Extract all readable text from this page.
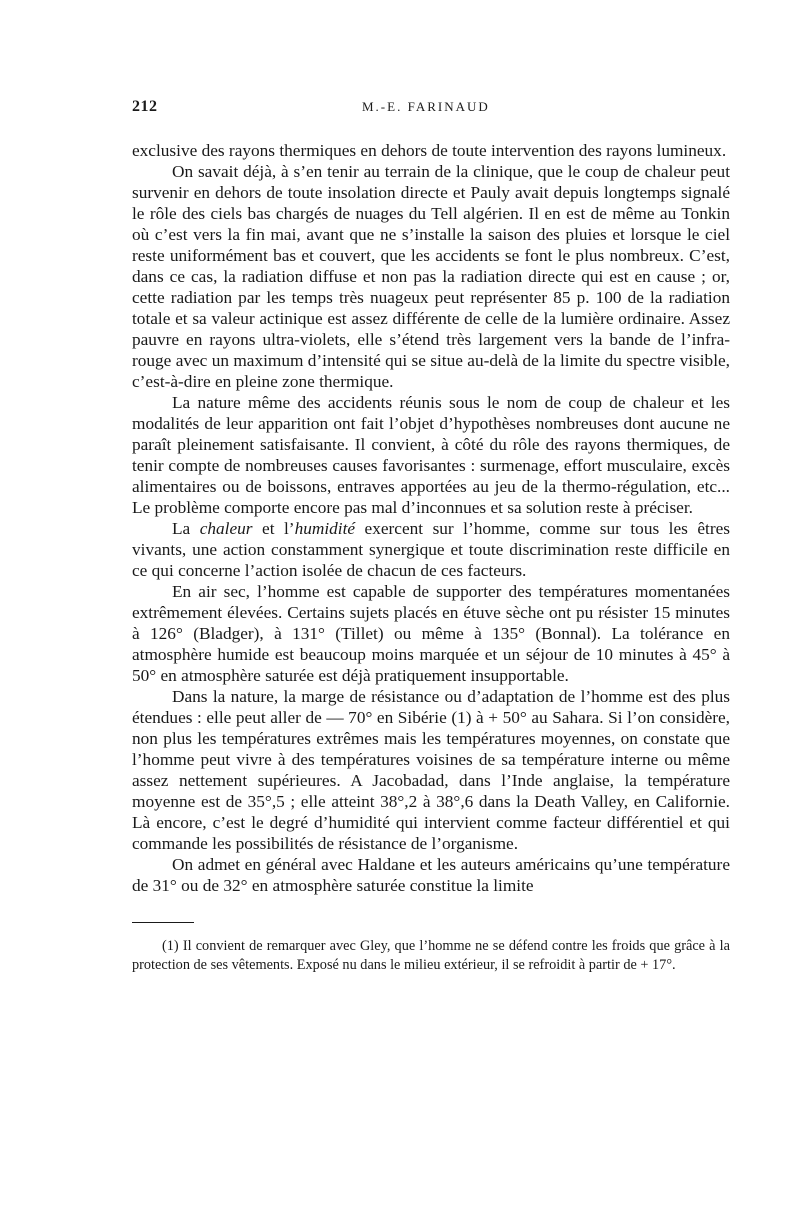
212	M.-E. FARINAUD

exclusive des rayons thermiques en dehors de toute intervention des rayons lumineux.

On savait déjà, à s’en tenir au terrain de la clinique, que le coup de chaleur peut survenir en dehors de toute insolation directe et Pauly avait depuis longtemps signalé le rôle des ciels bas chargés de nuages du Tell algérien. Il en est de même au Tonkin où c’est vers la fin mai, avant que ne s’installe la saison des pluies et lorsque le ciel reste uniformément bas et couvert, que les accidents se font le plus nombreux. C’est, dans ce cas, la radiation diffuse et non pas la radiation directe qui est en cause ; or, cette radiation par les temps très nuageux peut représenter 85 p. 100 de la radiation totale et sa valeur actinique est assez différente de celle de la lumière ordinaire. Assez pauvre en rayons ultra-violets, elle s’étend très largement vers la bande de l’infra-rouge avec un maximum d’intensité qui se situe au-delà de la limite du spectre visible, c’est-à-dire en pleine zone thermique.

La nature même des accidents réunis sous le nom de coup de chaleur et les modalités de leur apparition ont fait l’objet d’hypothèses nombreuses dont aucune ne paraît pleinement satisfaisante. Il convient, à côté du rôle des rayons thermiques, de tenir compte de nombreuses causes favorisantes : surmenage, effort musculaire, excès alimentaires ou de boissons, entraves apportées au jeu de la thermo-régulation, etc... Le problème comporte encore pas mal d’inconnues et sa solution reste à préciser.

La chaleur et l’humidité exercent sur l’homme, comme sur tous les êtres vivants, une action constamment synergique et toute discrimination reste difficile en ce qui concerne l’action isolée de chacun de ces facteurs.

En air sec, l’homme est capable de supporter des températures momentanées extrêmement élevées. Certains sujets placés en étuve sèche ont pu résister 15 minutes à 126° (Bladger), à 131° (Tillet) ou même à 135° (Bonnal). La tolérance en atmosphère humide est beaucoup moins marquée et un séjour de 10 minutes à 45° à 50° en atmosphère saturée est déjà pratiquement insupportable.

Dans la nature, la marge de résistance ou d’adaptation de l’homme est des plus étendues : elle peut aller de — 70° en Sibérie (1) à + 50° au Sahara. Si l’on considère, non plus les températures extrêmes mais les températures moyennes, on constate que l’homme peut vivre à des températures voisines de sa température interne ou même assez nettement supérieures. A Jacobadad, dans l’Inde anglaise, la température moyenne est de 35°,5 ; elle atteint 38°,2 à 38°,6 dans la Death Valley, en Californie. Là encore, c’est le degré d’humidité qui intervient comme facteur différentiel et qui commande les possibilités de résistance de l’organisme.

On admet en général avec Haldane et les auteurs américains qu’une température de 31° ou de 32° en atmosphère saturée constitue la limite

(1) Il convient de remarquer avec Gley, que l’homme ne se défend contre les froids que grâce à la protection de ses vêtements. Exposé nu dans le milieu extérieur, il se refroidit à partir de + 17°.
